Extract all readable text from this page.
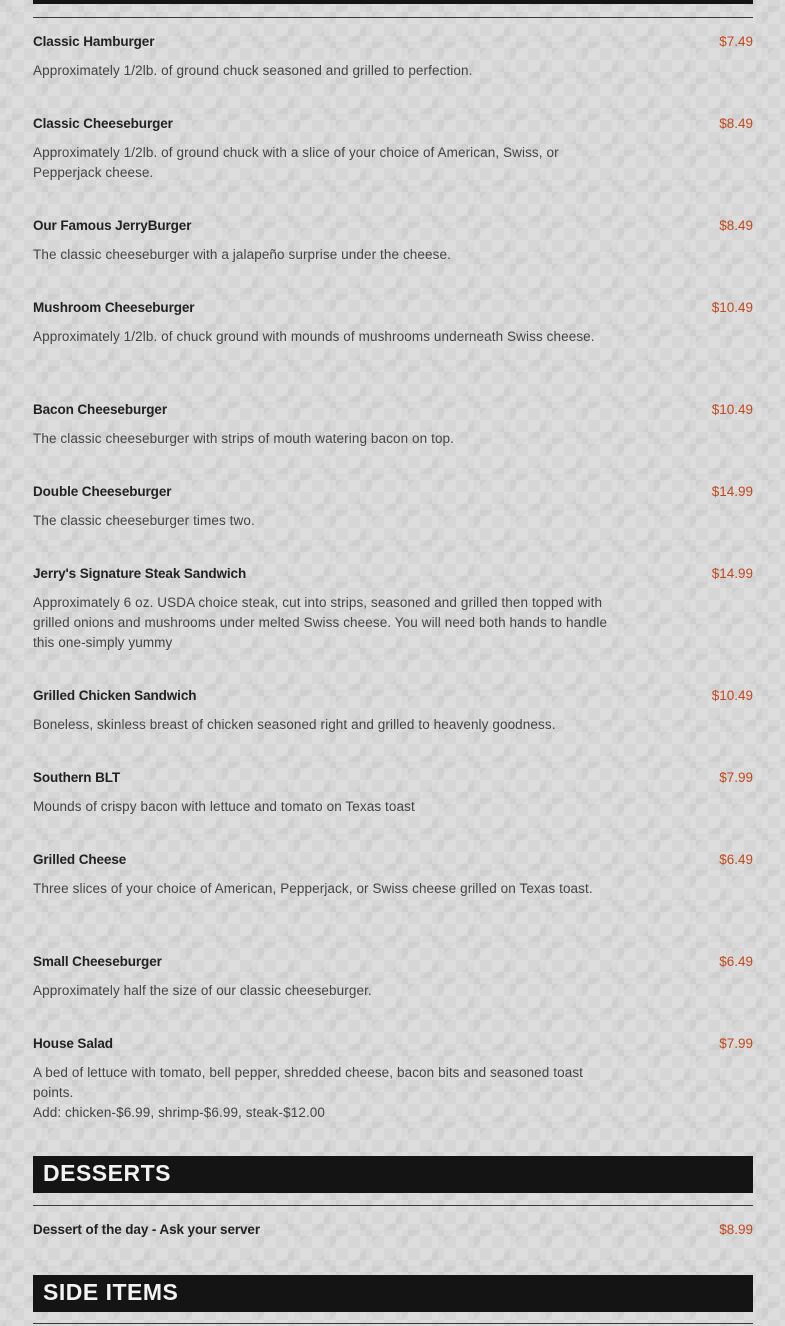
Classic Hamburger	$7.49
Approximately 1/2lb. of ground chuck seasoned and grilled to perfection.
Classic Cheeseburger	$8.49
Approximately 1/2lb. of ground chuck with a slice of your choice of American, Swiss, or Pepperjack cheese.
Our Famous JerryBurger	$8.49
The classic cheeseburger with a jalapeño surprise under the cheese.
Mushroom Cheeseburger	$10.49
Approximately 1/2lb. of chuck ground with mounds of mushrooms underneath Swiss cheese.
Bacon Cheeseburger	$10.49
The classic cheeseburger with strips of mouth watering bacon on top.
Double Cheeseburger	$14.99
The classic cheeseburger times two.
Jerry's Signature Steak Sandwich	$14.99
Approximately 6 oz. USDA choice steak, cut into strips, seasoned and grilled then topped with grilled onions and mushrooms under melted Swiss cheese. You will need both hands to handle this one-simply yummy
Grilled Chicken Sandwich	$10.49
Boneless, skinless breast of chicken seasoned right and grilled to heavenly goodness.
Southern BLT	$7.99
Mounds of crispy bacon with lettuce and tomato on Texas toast
Grilled Cheese	$6.49
Three slices of your choice of American, Pepperjack, or Swiss cheese grilled on Texas toast.
Small Cheeseburger	$6.49
Approximately half the size of our classic cheeseburger.
House Salad	$7.99
A bed of lettuce with tomato, bell pepper, shredded cheese, bacon bits and seasoned toast points.
Add: chicken-$6.99, shrimp-$6.99, steak-$12.00
DESSERTS
Dessert of the day - Ask your server	$8.99
SIDE ITEMS
